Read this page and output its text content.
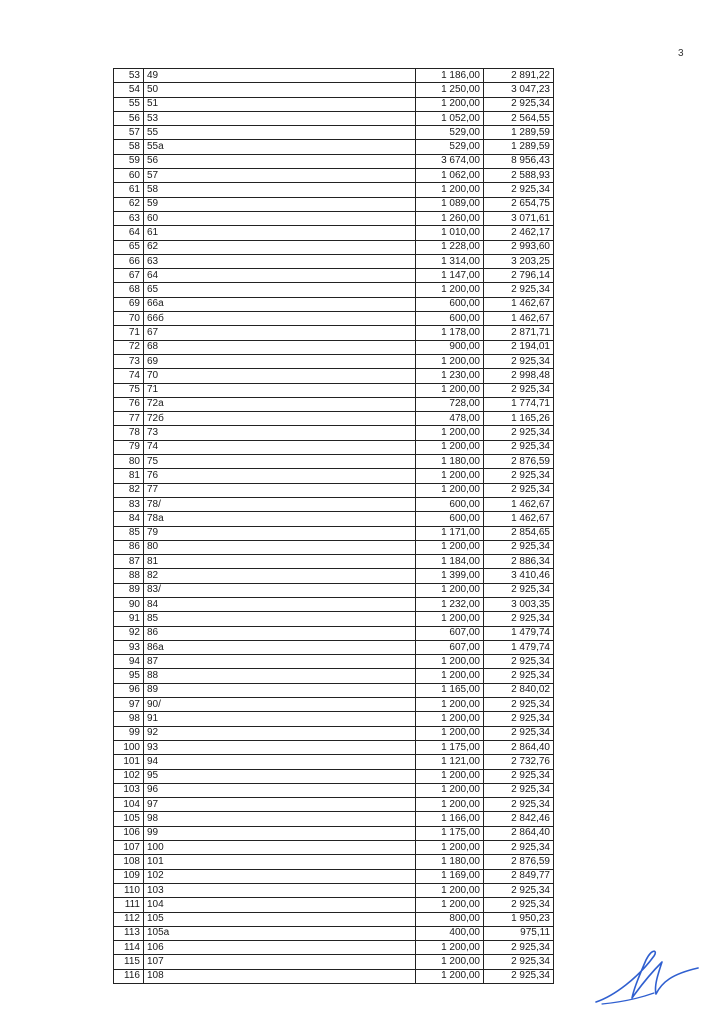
3
53	49	1 186,00	2 891,22
54	50	1 250,00	3 047,23
55	51	1 200,00	2 925,34
56	53	1 052,00	2 564,55
57	55	529,00	1 289,59
58	55а	529,00	1 289,59
59	56	3 674,00	8 956,43
60	57	1 062,00	2 588,93
61	58	1 200,00	2 925,34
62	59	1 089,00	2 654,75
63	60	1 260,00	3 071,61
64	61	1 010,00	2 462,17
65	62	1 228,00	2 993,60
66	63	1 314,00	3 203,25
67	64	1 147,00	2 796,14
68	65	1 200,00	2 925,34
69	66а	600,00	1 462,67
70	66б	600,00	1 462,67
71	67	1 178,00	2 871,71
72	68	900,00	2 194,01
73	69	1 200,00	2 925,34
74	70	1 230,00	2 998,48
75	71	1 200,00	2 925,34
76	72а	728,00	1 774,71
77	72б	478,00	1 165,26
78	73	1 200,00	2 925,34
79	74	1 200,00	2 925,34
80	75	1 180,00	2 876,59
81	76	1 200,00	2 925,34
82	77	1 200,00	2 925,34
83	78/	600,00	1 462,67
84	78а	600,00	1 462,67
85	79	1 171,00	2 854,65
86	80	1 200,00	2 925,34
87	81	1 184,00	2 886,34
88	82	1 399,00	3 410,46
89	83/	1 200,00	2 925,34
90	84	1 232,00	3 003,35
91	85	1 200,00	2 925,34
92	86	607,00	1 479,74
93	86а	607,00	1 479,74
94	87	1 200,00	2 925,34
95	88	1 200,00	2 925,34
96	89	1 165,00	2 840,02
97	90/	1 200,00	2 925,34
98	91	1 200,00	2 925,34
99	92	1 200,00	2 925,34
100	93	1 175,00	2 864,40
101	94	1 121,00	2 732,76
102	95	1 200,00	2 925,34
103	96	1 200,00	2 925,34
104	97	1 200,00	2 925,34
105	98	1 166,00	2 842,46
106	99	1 175,00	2 864,40
107	100	1 200,00	2 925,34
108	101	1 180,00	2 876,59
109	102	1 169,00	2 849,77
110	103	1 200,00	2 925,34
111	104	1 200,00	2 925,34
112	105	800,00	1 950,23
113	105а	400,00	975,11
114	106	1 200,00	2 925,34
115	107	1 200,00	2 925,34
116	108	1 200,00	2 925,34
